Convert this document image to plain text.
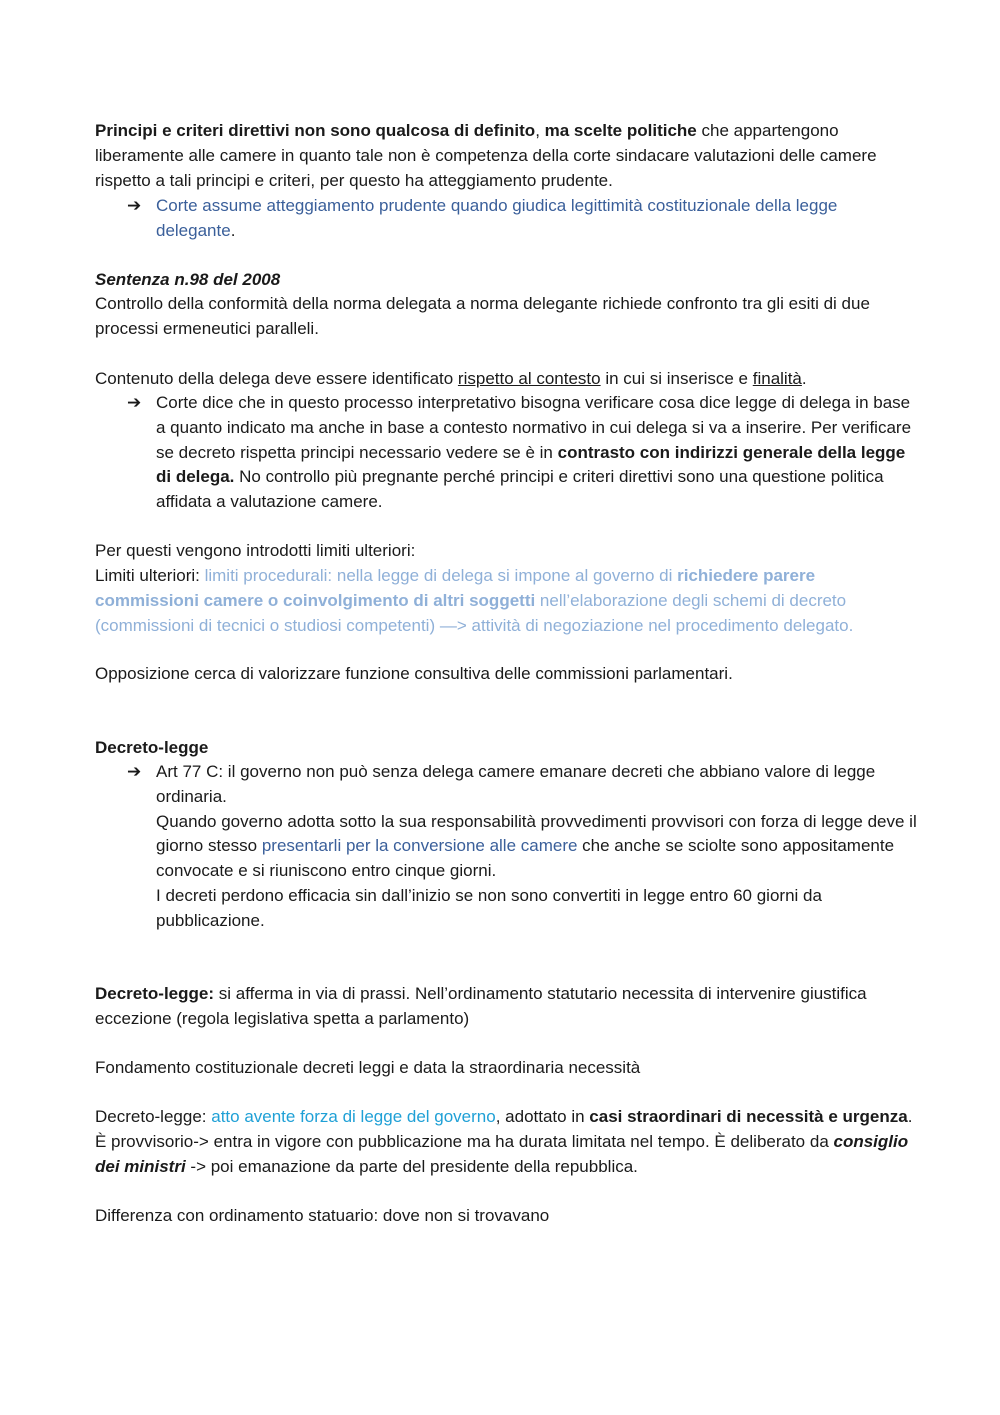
Principi e criteri direttivi non sono qualcosa di definito, ma scelte politiche che appartengono liberamente alle camere in quanto tale non è competenza della corte sindacare valutazioni delle camere rispetto a tali principi e criteri, per questo ha atteggiamento prudente.

➔ Corte assume atteggiamento prudente quando giudica legittimità costituzionale della legge delegante.

Sentenza n.98 del 2008

Controllo della conformità della norma delegata a norma delegante richiede confronto tra gli esiti di due processi ermeneutici paralleli.

Contenuto della delega deve essere identificato rispetto al contesto in cui si inserisce e finalità.

➔ Corte dice che in questo processo interpretativo bisogna verificare cosa dice legge di delega in base a quanto indicato ma anche in base a contesto normativo in cui delega si va a inserire. Per verificare se decreto rispetta principi necessario vedere se è in contrasto con indirizzi generale della legge di delega. No controllo più pregnante perché principi e criteri direttivi sono una questione politica affidata a valutazione camere.

Per questi vengono introdotti limiti ulteriori:

Limiti ulteriori: limiti procedurali: nella legge di delega si impone al governo di richiedere parere commissioni camere o coinvolgimento di altri soggetti nell’elaborazione degli schemi di decreto (commissioni di tecnici o studiosi competenti) —> attività di negoziazione nel procedimento delegato.

Opposizione cerca di valorizzare funzione consultiva delle commissioni parlamentari.

Decreto-legge

➔ Art 77 C: il governo non può senza delega camere emanare decreti che abbiano valore di legge ordinaria.
Quando governo adotta sotto la sua responsabilità provvedimenti provvisori con forza di legge deve il giorno stesso presentarli per la conversione alle camere che anche se sciolte sono appositamente convocate e si riuniscono entro cinque giorni.
I decreti perdono efficacia sin dall’inizio se non sono convertiti in legge entro 60 giorni da pubblicazione.

Decreto-legge: si afferma in via di prassi. Nell’ordinamento statutario necessita di intervenire giustifica eccezione (regola legislativa spetta a parlamento)

Fondamento costituzionale decreti leggi e data la straordinaria necessità

Decreto-legge: atto avente forza di legge del governo, adottato in casi straordinari di necessità e urgenza. È provvisorio-> entra in vigore con pubblicazione ma ha durata limitata nel tempo. È deliberato da consiglio dei ministri -> poi emanazione da parte del presidente della repubblica.

Differenza con ordinamento statuario: dove non si trovavano
